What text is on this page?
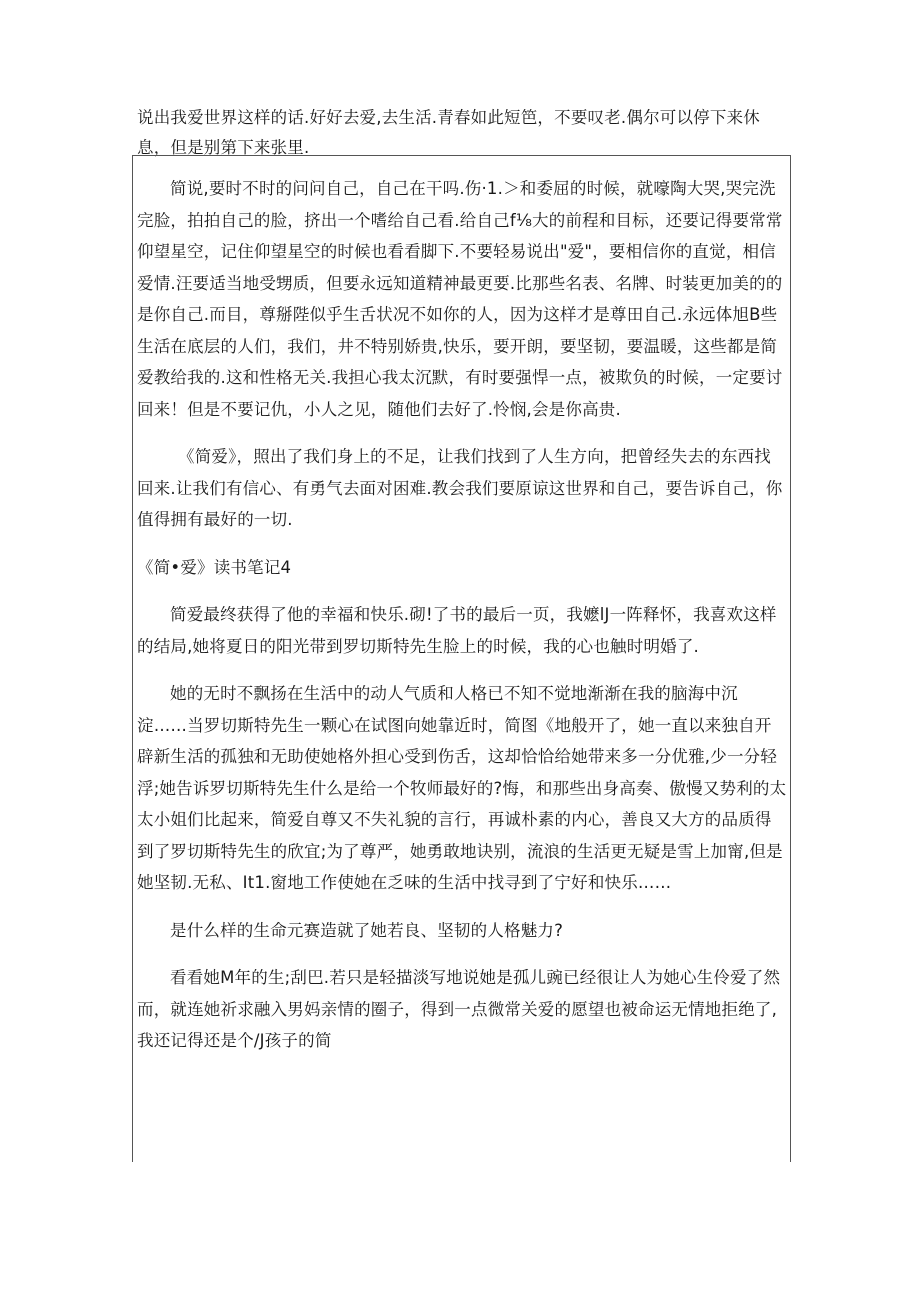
说出我爱世界这样的话.好好去爱,去生活.青春如此短笆，不要叹老.偶尔可以停下来休息，但是别第下来张里.

简说,要时不时的问问自己，自己在干吗.伤·1.＞和委屈的时候，就嚎陶大哭,哭完洗完脸，拍拍自己的脸，挤出一个嗜给自己看.给自己f⅛大的前程和目标，还要记得要常常仰望星空，记住仰望星空的时候也看看脚下.不要轻易说出"爱"，要相信你的直觉，相信爱情.汪要适当地受甥质，但要永远知道精神最更要.比那些名表、名牌、时装更加美的的是你自己.而目，尊掰陛似乎生舌状况不如你的人，因为这样才是尊田自己.永远体旭B些生活在底层的人们，我们，井不特别娇贵,快乐，要开朗，要坚韧，要温暖，这些都是简爱教给我的.这和性格无关.我担心我太沉默，有时要强悍一点，被欺负的时候，一定要讨回来！但是不要记仇，小人之见，随他们去好了.怜悯,会是你高贵.

《简爱》，照出了我们身上的不足，让我们找到了人生方向，把曾经失去的东西找回来.让我们有信心、有勇气去面对困难.教会我们要原谅这世界和自己，要告诉自己，你值得拥有最好的一切.

《简•爱》读书笔记4

简爱最终获得了他的幸福和快乐.砌!了书的最后一页，我嬷lJ一阵释怀，我喜欢这样的结局,她将夏日的阳光带到罗切斯特先生脸上的时候，我的心也触时明婚了.

她的无时不飘扬在生活中的动人气质和人格已不知不觉地渐渐在我的脑海中沉淀……当罗切斯特先生一颗心在试图向她靠近时，简图《地般开了，她一直以来独自开辟新生活的孤独和无助使她格外担心受到伤舌，这却恰恰给她带来多一分优雅,少一分轻浮;她告诉罗切斯特先生什么是给一个牧师最好的?悔，和那些出身高奏、傲慢又势利的太太小姐们比起来，简爱自尊又不失礼貌的言行，再诚朴素的内心，善良又大方的品质得到了罗切斯特先生的欣宜;为了尊严，她勇敢地诀别，流浪的生活更无疑是雪上加甯,但是她坚韧.无私、It1.窗地工作使她在乏味的生活中找寻到了宁好和快乐……

是什么样的生命元赛造就了她若良、坚韧的人格魅力?

看看她M年的生;刮巴.若只是轻描淡写地说她是孤儿豌已经很让人为她心生伶爱了然而，就连她祈求融入男妈亲情的圈子，得到一点微常关爱的愿望也被命运无情地拒绝了,我还记得还是个/J孩子的简
